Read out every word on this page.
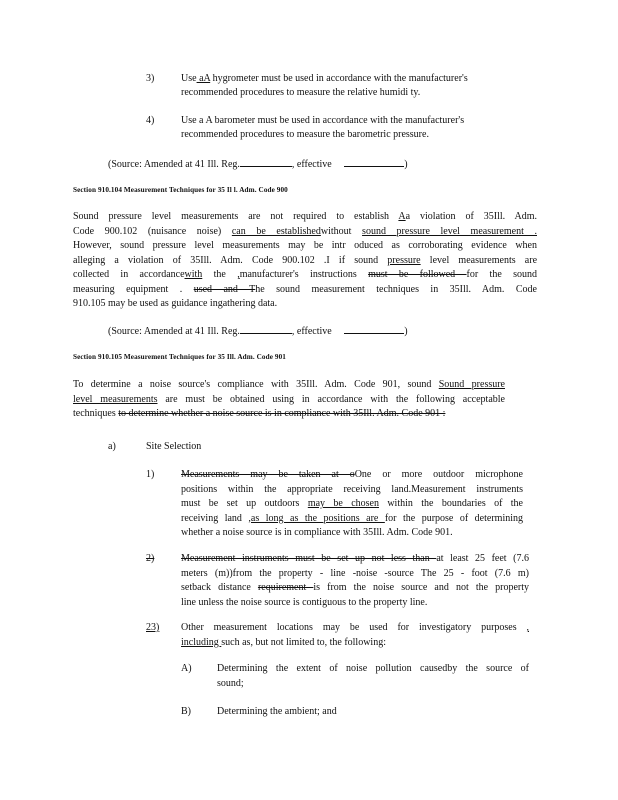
3)	Use aA hygrometer must be used in accordance with the manufacturer's
recommended procedures to measure the relative humidi ty.
4)	Use a A barometer must be used in accordance with the manufacturer's
recommended procedures to measure the barometric pressure.
(Source: Amended at 41 Ill. Reg.	, effective	)
Section 910.104 Measurement Techniques for 35 Il l. Adm. Code 900
Sound pressure level measurements are not required to establish Aa violation of 35Ill. Adm.
Code 900.102 (nuisance noise) can be establishedwithout sound pressure level measurement .
However, sound pressure level measurements may be intr oduced as corroborating evidence when
alleging a violation of 35Ill. Adm. Code 900.102 .I if sound pressure level measurements are
collected in accordancewith the ,manufacturer's instructions must be followed for the sound
measuring equipment . used and The sound measurement techniques in 35Ill. Adm. Code
910.105 may be used as guidance ingathering data.
(Source: Amended at 41 Ill. Reg.	, effective	)
Section 910.105 Measurement Techniques for 35 Ill. Adm. Code 901
To determine a noise source's compliance with 35Ill. Adm. Code 901, sound Sound pressure
level measurements are must be obtained using in accordance with the following acceptable
techniques to determine whether a noise source is in compliance with 35Ill. Adm. Code 901 :
a)	Site Selection
1)	Measurements may be taken at oOne or more outdoor microphone
positions within the appropriate receiving land.Measurement instruments
must be set up outdoors may be chosen within the boundaries of the
receiving land ,as long as the positions are for the purpose of determining
whether a noise source is in compliance with 35Ill. Adm. Code 901.
2)	Measurement instruments must be set up not less than at least 25 feet (7.6
meters (m))from the property - line -noise -source The 25 - foot (7.6 m)
setback distance requirement is from the noise source and not the property
line unless the noise source is contiguous to the property line.
23) Other measurement locations may be used for investigatory purposes ,
including such as, but not limited to, the following:
A)	Determining the extent of noise pollution causedby the source of
sound;
B)	Determining the ambient; and
